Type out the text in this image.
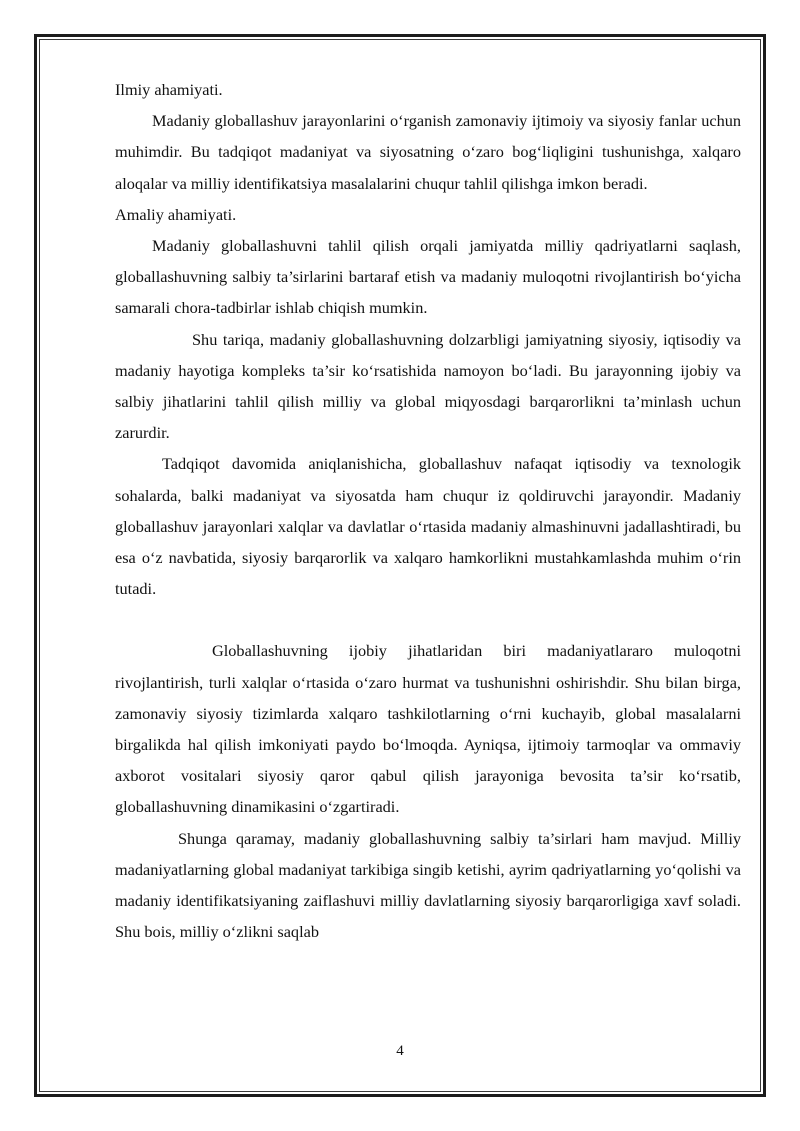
Ilmiy ahamiyati.

Madaniy globallashuv jarayonlarini o‘rganish zamonaviy ijtimoiy va siyosiy fanlar uchun muhimdir. Bu tadqiqot madaniyat va siyosatning o‘zaro bog‘liqligini tushunishga, xalqaro aloqalar va milliy identifikatsiya masalalarini chuqur tahlil qilishga imkon beradi.

Amaliy ahamiyati.

Madaniy globallashuvni tahlil qilish orqali jamiyatda milliy qadriyatlarni saqlash, globallashuvning salbiy ta’sirlarini bartaraf etish va madaniy muloqotni rivojlantirish bo‘yicha samarali chora-tadbirlar ishlab chiqish mumkin.

Shu tariqa, madaniy globallashuvning dolzarbligi jamiyatning siyosiy, iqtisodiy va madaniy hayotiga kompleks ta’sir ko‘rsatishida namoyon bo‘ladi. Bu jarayonning ijobiy va salbiy jihatlarini tahlil qilish milliy va global miqyosdagi barqarorlikni ta’minlash uchun zarurdir.

Tadqiqot davomida aniqlanishicha, globallashuv nafaqat iqtisodiy va texnologik sohalarda, balki madaniyat va siyosatda ham chuqur iz qoldiruvchi jarayondir. Madaniy globallashuv jarayonlari xalqlar va davlatlar o‘rtasida madaniy almashinuvni jadallashtiradi, bu esa o‘z navbatida, siyosiy barqarorlik va xalqaro hamkorlikni mustahkamlashda muhim o‘rin tutadi.

Globallashuvning ijobiy jihatlaridan biri madaniyatlararo muloqotni rivojlantirish, turli xalqlar o‘rtasida o‘zaro hurmat va tushunishni oshirishdir. Shu bilan birga, zamonaviy siyosiy tizimlarda xalqaro tashkilotlarning o‘rni kuchayib, global masalalarni birgalikda hal qilish imkoniyati paydo bo‘lmoqda. Ayniqsa, ijtimoiy tarmoqlar va ommaviy axborot vositalari siyosiy qaror qabul qilish jarayoniga bevosita ta’sir ko‘rsatib, globallashuvning dinamikasini o‘zgartiradi.

Shunga qaramay, madaniy globallashuvning salbiy ta’sirlari ham mavjud. Milliy madaniyatlarning global madaniyat tarkibiga singib ketishi, ayrim qadriyatlarning yo‘qolishi va madaniy identifikatsiyaning zaiflashuvi milliy davlatlarning siyosiy barqarorligiga xavf soladi. Shu bois, milliy o‘zlikni saqlab

4
